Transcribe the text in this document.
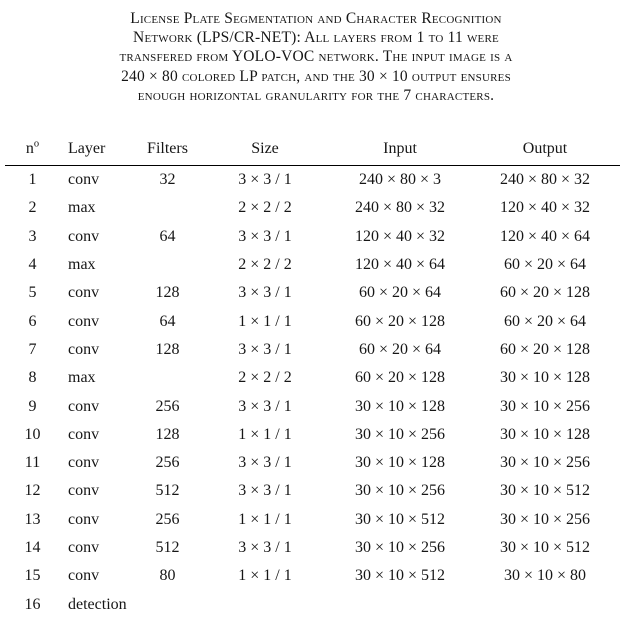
License Plate Segmentation and Character Recognition
Network (LPS/CR-NET): All layers from 1 to 11 were
transfered from YOLO-VOC network. The input image is a
240 × 80 colored LP patch, and the 30 × 10 output ensures
enough horizontal granularity for the 7 characters.
$n^o$	Layer	Filters	Size	Input	Output
1	conv	32	3 × 3 / 1	240 × 80 × 3	240 × 80 × 32
2	max		2 × 2 / 2	240 × 80 × 32	120 × 40 × 32
3	conv	64	3 × 3 / 1	120 × 40 × 32	120 × 40 × 64
4	max		2 × 2 / 2	120 × 40 × 64	60 × 20 × 64
5	conv	128	3 × 3 / 1	60 × 20 × 64	60 × 20 × 128
6	conv	64	1 × 1 / 1	60 × 20 × 128	60 × 20 × 64
7	conv	128	3 × 3 / 1	60 × 20 × 64	60 × 20 × 128
8	max		2 × 2 / 2	60 × 20 × 128	30 × 10 × 128
9	conv	256	3 × 3 / 1	30 × 10 × 128	30 × 10 × 256
10	conv	128	1 × 1 / 1	30 × 10 × 256	30 × 10 × 128
11	conv	256	3 × 3 / 1	30 × 10 × 128	30 × 10 × 256
12	conv	512	3 × 3 / 1	30 × 10 × 256	30 × 10 × 512
13	conv	256	1 × 1 / 1	30 × 10 × 512	30 × 10 × 256
14	conv	512	3 × 3 / 1	30 × 10 × 256	30 × 10 × 512
15	conv	80	1 × 1 / 1	30 × 10 × 512	30 × 10 × 80
16	detection				
